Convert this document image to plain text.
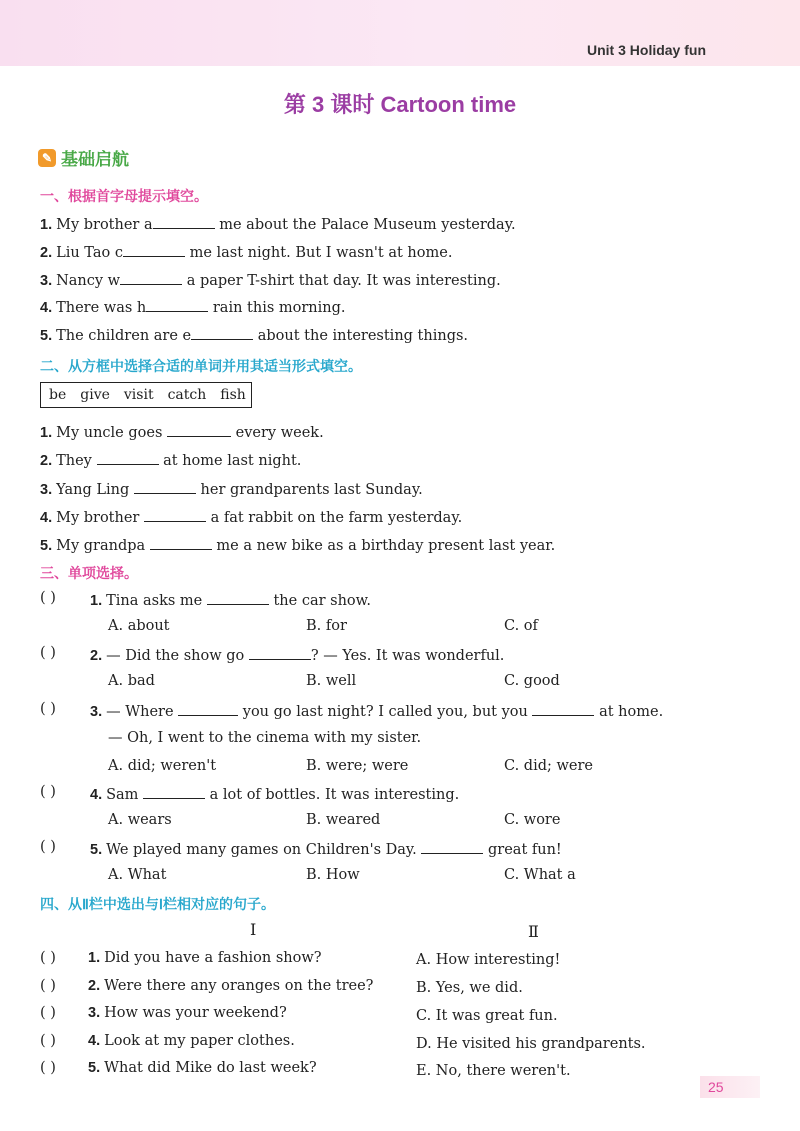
Unit 3 Holiday fun
第 3 课时 Cartoon time
✎ 基础启航
一、根据首字母提示填空。
1. My brother a	me about the Palace Museum yesterday.
2. Liu Tao c	me last night. But I wasn't at home.
3. Nancy w	a paper T-shirt that day. It was interesting.
4. There was h	rain this morning.
5. The children are e	about the interesting things.
二、从方框中选择合适的单词并用其适当形式填空。
be give visit catch fish
1. My uncle goes	every week.
2. They	at home last night.
3. Yang Ling	her grandparents last Sunday.
4. My brother	a fat rabbit on the farm yesterday.
5. My grandpa	me a new bike as a birthday present last year.
三、单项选择。
( ) 1. Tina asks me	the car show.
A. about	B. for	C. of
( ) 2. — Did the show go	? — Yes. It was wonderful.
A. bad	B. well	C. good
( ) 3. — Where	you go last night? I called you, but you	at home.
— Oh, I went to the cinema with my sister.
A. did; weren't	B. were; were	C. did; were
( ) 4. Sam	a lot of bottles. It was interesting.
A. wears	B. weared	C. wore
( ) 5. We played many games on Children's Day.	great fun!
A. What	B. How	C. What a
四、从Ⅱ栏中选出与Ⅰ栏相对应的句子。
Ⅰ	Ⅱ
( ) 1. Did you have a fashion show?	A. How interesting!
( ) 2. Were there any oranges on the tree?	B. Yes, we did.
( ) 3. How was your weekend?	C. It was great fun.
( ) 4. Look at my paper clothes.	D. He visited his grandparents.
( ) 5. What did Mike do last week?	E. No, there weren't.
25
